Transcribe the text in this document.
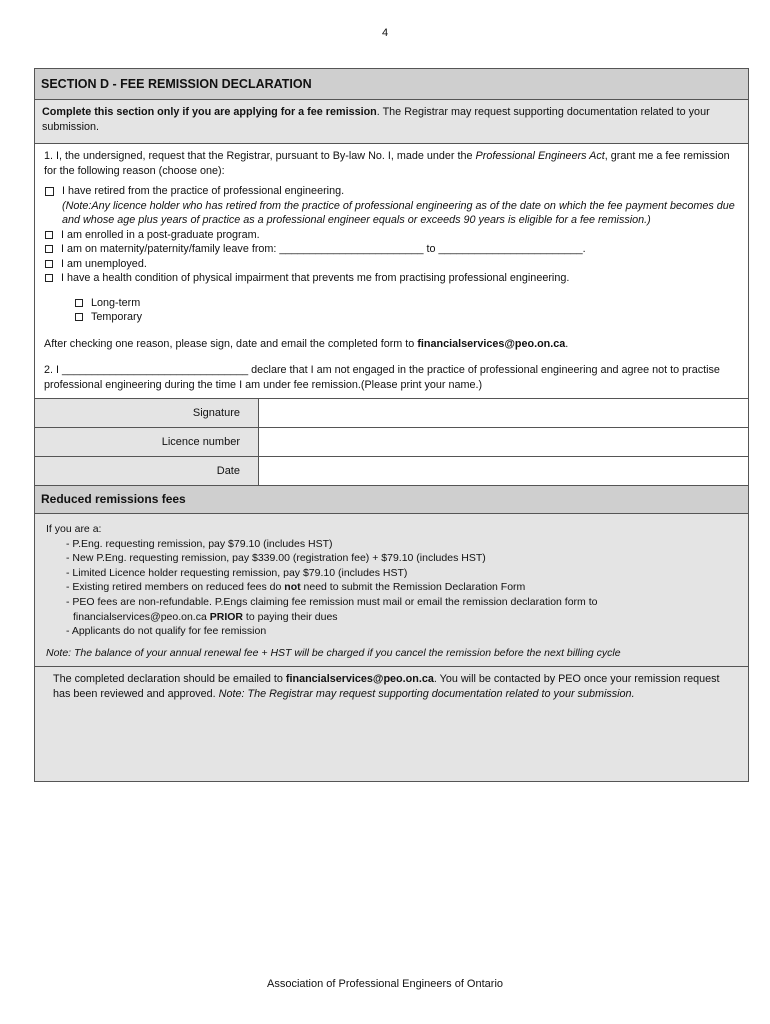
4
SECTION D - FEE REMISSION DECLARATION
Complete this section only if you are applying for a fee remission. The Registrar may request supporting documentation related to your submission.
1. I, the undersigned, request that the Registrar, pursuant to By-law No. I, made under the Professional Engineers Act, grant me a fee remission for the following reason (choose one):
I have retired from the practice of professional engineering.
(Note:Any licence holder who has retired from the practice of professional engineering as of the date on which the fee payment becomes due and whose age plus years of practice as a professional engineer equals or exceeds 90 years is eligible for a fee remission.)
I am enrolled in a post-graduate program.
I am on maternity/paternity/family leave from: ________________________ to ________________________.
I am unemployed.
I have a health condition of physical impairment that prevents me from practising professional engineering.
Long-term
Temporary
After checking one reason, please sign, date and email the completed form to financialservices@peo.on.ca.
2. I _______________________________ declare that I am not engaged in the practice of professional engineering and agree not to practise professional engineering during the time I am under fee remission.(Please print your name.)
Signature
Licence number
Date
Reduced remissions fees
If you are a:
- P.Eng. requesting remission, pay $79.10 (includes HST)
- New P.Eng. requesting remission, pay $339.00 (registration fee) + $79.10 (includes HST)
- Limited Licence holder requesting remission, pay $79.10 (includes HST)
- Existing retired members on reduced fees do not need to submit the Remission Declaration Form
- PEO fees are non-refundable. P.Engs claiming fee remission must mail or email the remission declaration form to
financialservices@peo.on.ca PRIOR to paying their dues
- Applicants do not qualify for fee remission
Note: The balance of your annual renewal fee + HST will be charged if you cancel the remission before the next billing cycle
The completed declaration should be emailed to financialservices@peo.on.ca. You will be contacted by PEO once your remission request has been reviewed and approved. Note: The Registrar may request supporting documentation related to your submission.
Association of Professional Engineers of Ontario
